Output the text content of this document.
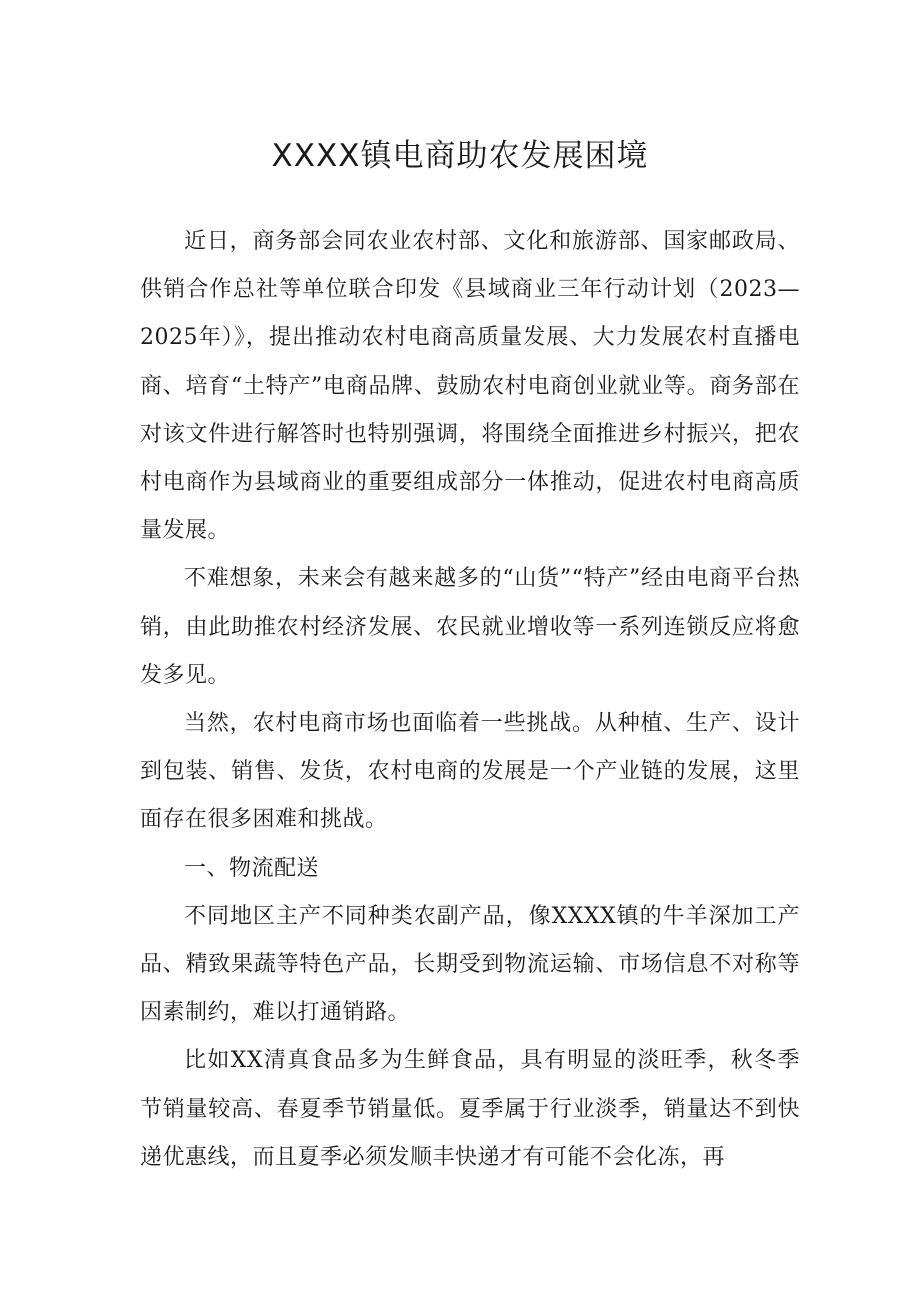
XXXX镇电商助农发展困境

近日，商务部会同农业农村部、文化和旅游部、国家邮政局、供销合作总社等单位联合印发《县域商业三年行动计划（2023—2025年）》，提出推动农村电商高质量发展、大力发展农村直播电商、培育“土特产”电商品牌、鼓励农村电商创业就业等。商务部在对该文件进行解答时也特别强调，将围绕全面推进乡村振兴，把农村电商作为县域商业的重要组成部分一体推动，促进农村电商高质量发展。

不难想象，未来会有越来越多的“山货”“特产”经由电商平台热销，由此助推农村经济发展、农民就业增收等一系列连锁反应将愈发多见。

当然，农村电商市场也面临着一些挑战。从种植、生产、设计到包装、销售、发货，农村电商的发展是一个产业链的发展，这里面存在很多困难和挑战。

一、物流配送

不同地区主产不同种类农副产品，像XXXX镇的牛羊深加工产品、精致果蔬等特色产品，长期受到物流运输、市场信息不对称等因素制约，难以打通销路。

比如XX清真食品多为生鲜食品，具有明显的淡旺季，秋冬季节销量较高、春夏季节销量低。夏季属于行业淡季，销量达不到快递优惠线，而且夏季必须发顺丰快递才有可能不会化冻，再
